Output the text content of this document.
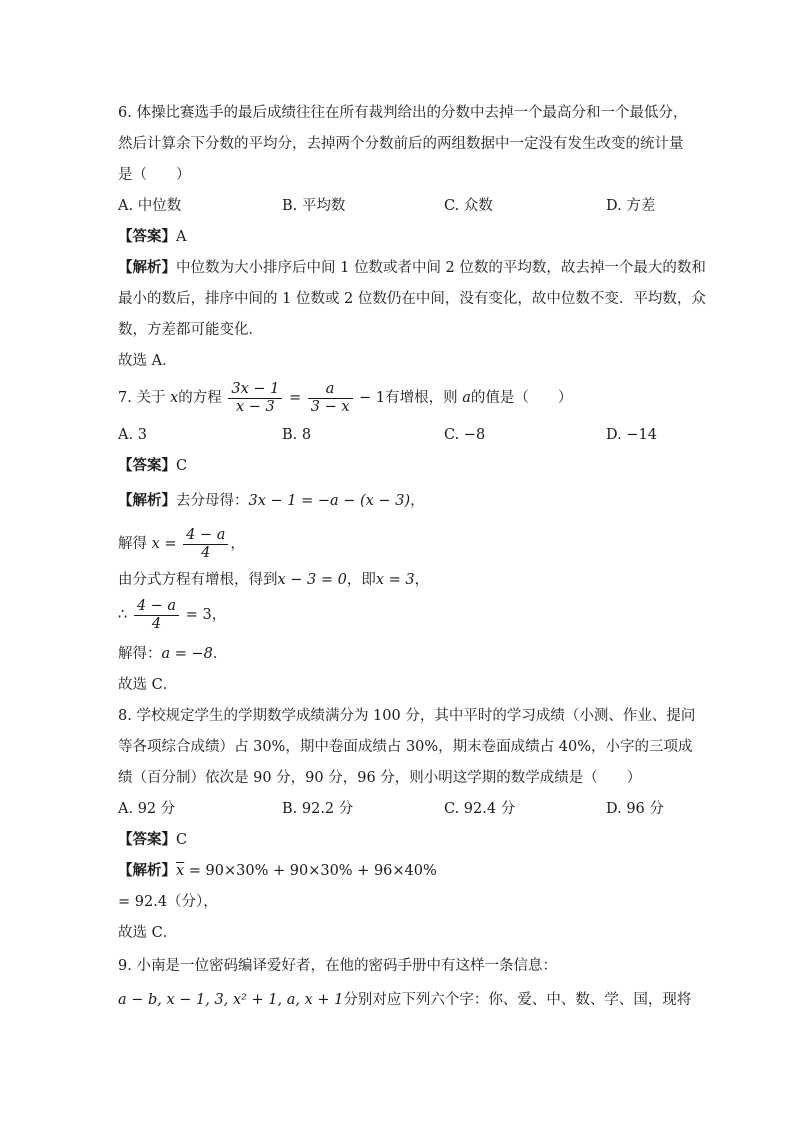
6. 体操比赛选手的最后成绩往往在所有裁判给出的分数中去掉一个最高分和一个最低分，
然后计算余下分数的平均分，去掉两个分数前后的两组数据中一定没有发生改变的统计量
是（　　）
A. 中位数	B. 平均数	C. 众数	D. 方差
【答案】A
【解析】中位数为大小排序后中间 1 位数或者中间 2 位数的平均数，故去掉一个最大的数和
最小的数后，排序中间的 1 位数或 2 位数仍在中间，没有变化，故中位数不变．平均数，众
数，方差都可能变化．
故选 A．
7. 关于 x的方程 $\frac{3x - 1}{x - 3} = \frac{a}{3 - x} - 1$有增根，则 a的值是（　　）
A. 3	B. 8	C. −8	D. −14
【答案】C
【解析】去分母得：3x − 1 = −a − (x − 3)，
解得 $x = \frac{4 - a}{4}$ ，
由分式方程有增根，得到x − 3 = 0，即x = 3，
∴ $\frac{4 - a}{4} = 3$，
解得：a = −8．
故选 C．
8. 学校规定学生的学期数学成绩满分为 100 分，其中平时的学习成绩（小测、作业、提问
等各项综合成绩）占 30%，期中卷面成绩占 30%，期末卷面成绩占 40%，小字的三项成
绩（百分制）依次是 90 分，90 分，96 分，则小明这学期的数学成绩是（　　）
A. 92 分	B. 92.2 分	C. 92.4 分	D. 96 分
【答案】C
【解析】$\overline{x} = 90\times 30\% + 90\times 30\% + 96\times 40\%$
= 92.4（分），
故选 C．
9. 小南是一位密码编译爱好者，在他的密码手册中有这样一条信息：
a − b, x − 1, 3, x² + 1, a, x + 1分别对应下列六个字：你、爱、中、数、学、国，现将
